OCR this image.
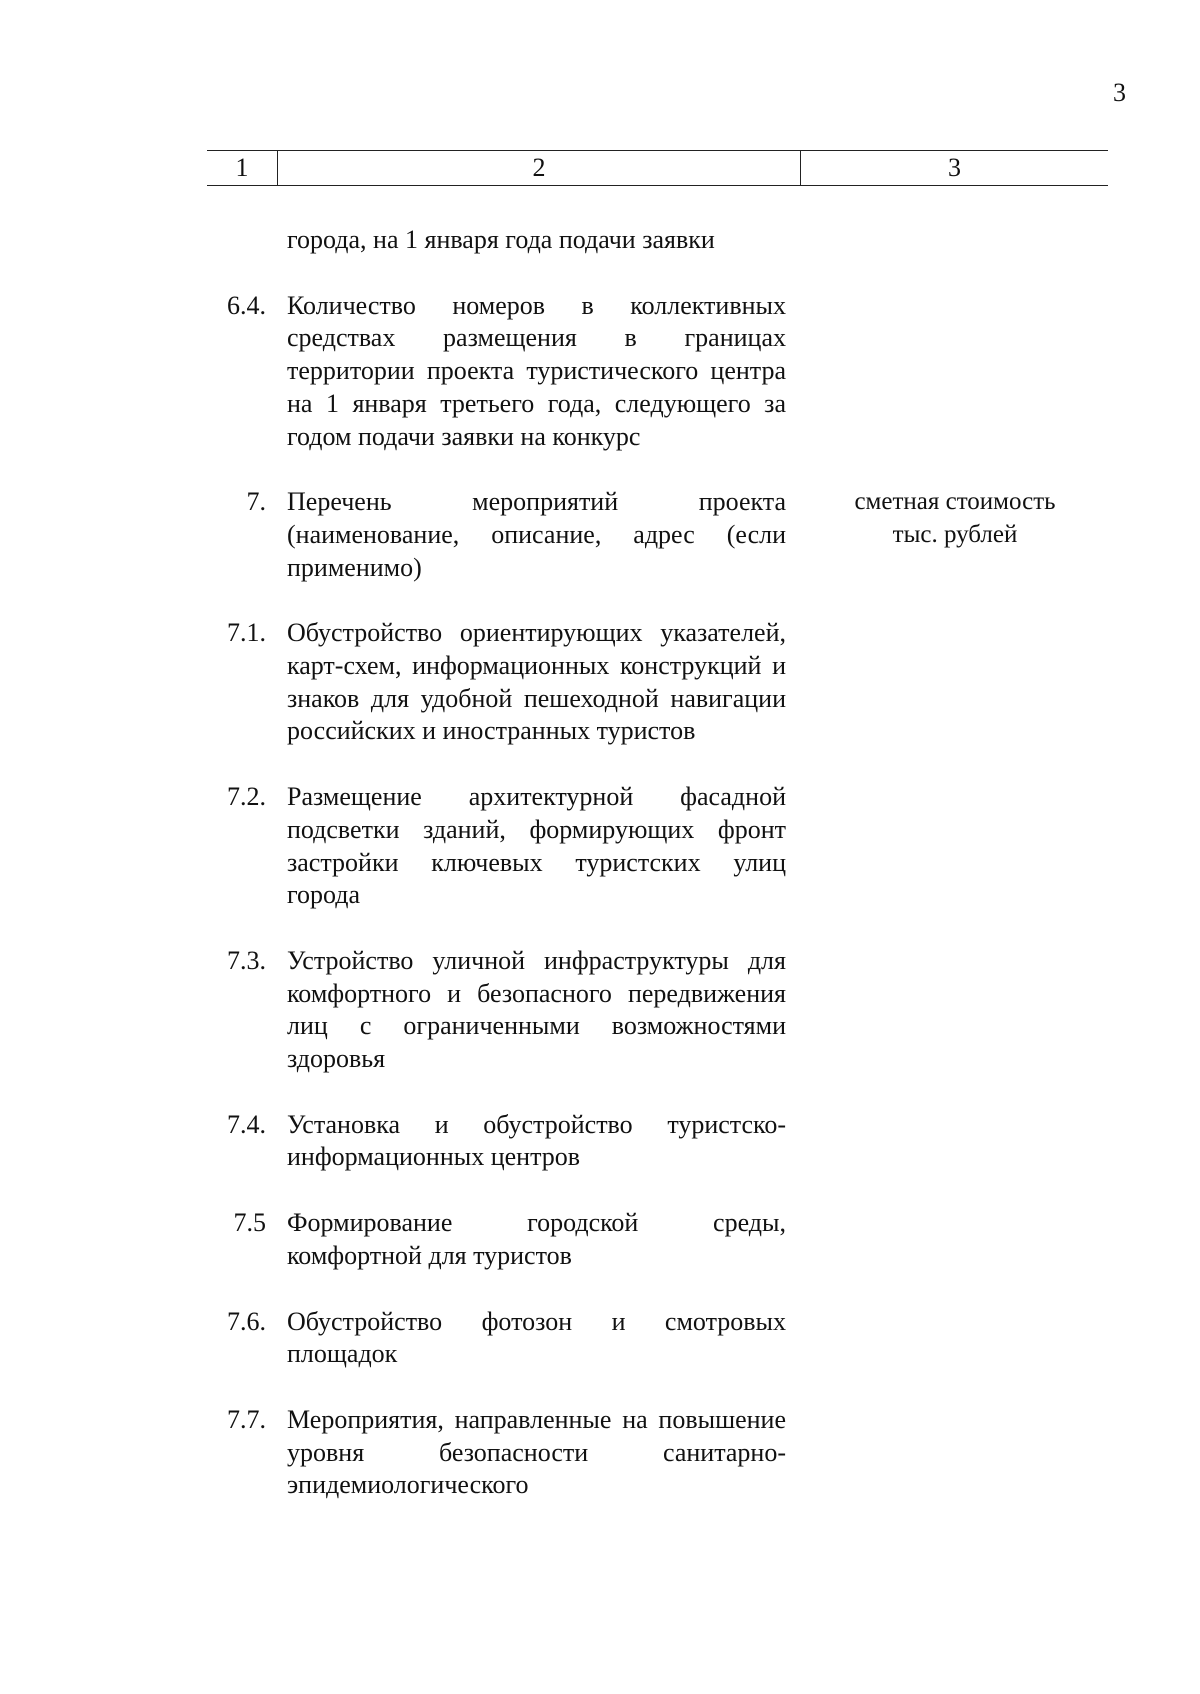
3
1	2	3
города, на 1 января года подачи заявки
6.4. Количество номеров в коллективных средствах размещения в границах территории проекта туристического центра на 1 января третьего года, следующего за годом подачи заявки на конкурс
7. Перечень мероприятий проекта (наименование, описание, адрес (если применимо)
сметная стоимость тыс. рублей
7.1. Обустройство ориентирующих указателей, карт-схем, информационных конструкций и знаков для удобной пешеходной навигации российских и иностранных туристов
7.2. Размещение архитектурной фасадной подсветки зданий, формирующих фронт застройки ключевых туристских улиц города
7.3. Устройство уличной инфраструктуры для комфортного и безопасного передвижения лиц с ограниченными возможностями здоровья
7.4. Установка и обустройство туристско-информационных центров
7.5 Формирование городской среды, комфортной для туристов
7.6. Обустройство фотозон и смотровых площадок
7.7. Мероприятия, направленные на повышение уровня безопасности санитарно-эпидемиологического
